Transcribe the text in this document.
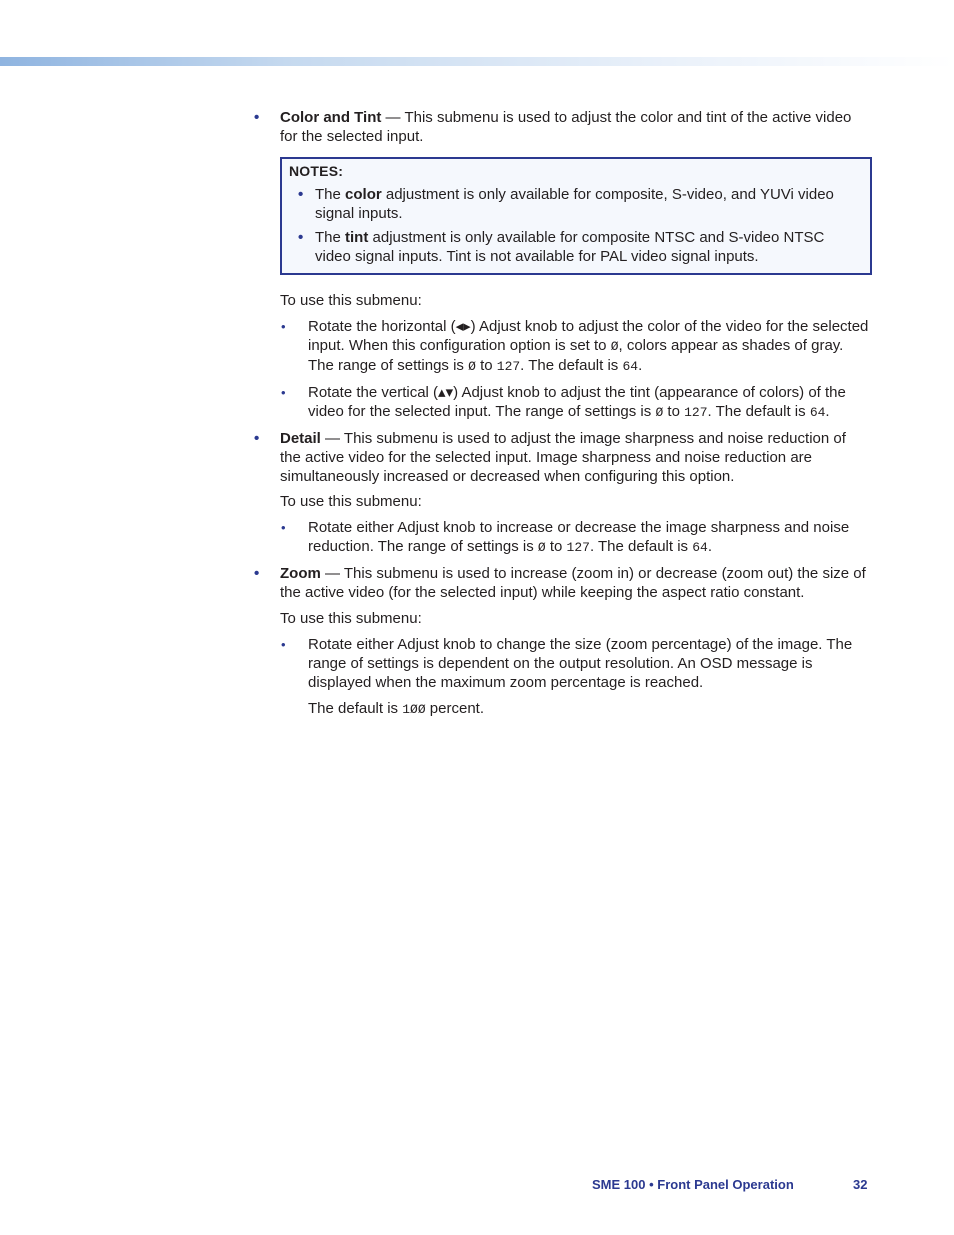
• Color and Tint — This submenu is used to adjust the color and tint of the active video for the selected input.

NOTES:

• The color adjustment is only available for composite, S-video, and YUVi video signal inputs.
• The tint adjustment is only available for composite NTSC and S-video NTSC video signal inputs. Tint is not available for PAL video signal inputs.

To use this submenu:

• Rotate the horizontal (◂▸) Adjust knob to adjust the color of the video for the selected input. When this configuration option is set to Ø, colors appear as shades of gray. The range of settings is Ø to 127. The default is 64.
• Rotate the vertical (▴▾) Adjust knob to adjust the tint (appearance of colors) of the video for the selected input. The range of settings is Ø to 127. The default is 64.
• Detail — This submenu is used to adjust the image sharpness and noise reduction of the active video for the selected input. Image sharpness and noise reduction are simultaneously increased or decreased when configuring this option.

To use this submenu:

• Rotate either Adjust knob to increase or decrease the image sharpness and noise reduction. The range of settings is Ø to 127. The default is 64.
• Zoom — This submenu is used to increase (zoom in) or decrease (zoom out) the size of the active video (for the selected input) while keeping the aspect ratio constant.

To use this submenu:

• Rotate either Adjust knob to change the size (zoom percentage) of the image. The range of settings is dependent on the output resolution. An OSD message is displayed when the maximum zoom percentage is reached.
The default is 1ØØ percent.
SME 100 • Front Panel Operation	32
